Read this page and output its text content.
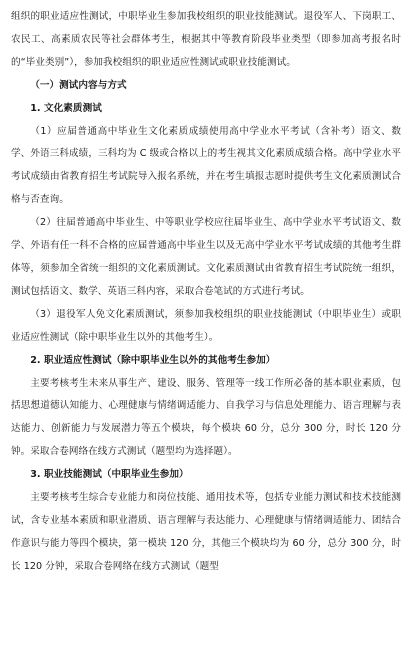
组织的职业适应性测试，中职毕业生参加我校组织的职业技能测试。退役军人、下岗职工、农民工、高素质农民等社会群体考生，根据其中等教育阶段毕业类型（即参加高考报名时的“毕业类别”），参加我校组织的职业适应性测试或职业技能测试。

（一）测试内容与方式

1. 文化素质测试

（1）应届普通高中毕业生文化素质成绩使用高中学业水平考试（含补考）语文、数学、外语三科成绩，三科均为 C 级或合格以上的考生视其文化素质成绩合格。高中学业水平考试成绩由省教育招生考试院导入报名系统，并在考生填报志愿时提供考生文化素质测试合格与否查询。

（2）往届普通高中毕业生、中等职业学校应往届毕业生、高中学业水平考试语文、数学、外语有任一科不合格的应届普通高中毕业生以及无高中学业水平考试成绩的其他考生群体等，须参加全省统一组织的文化素质测试。文化素质测试由省教育招生考试院统一组织，测试包括语文、数学、英语三科内容，采取合卷笔试的方式进行考试。

（3）退役军人免文化素质测试，须参加我校组织的职业技能测试（中职毕业生）或职业适应性测试（除中职毕业生以外的其他考生）。

2. 职业适应性测试（除中职毕业生以外的其他考生参加）

主要考核考生未来从事生产、建设、服务、管理等一线工作所必备的基本职业素质，包括思想道德认知能力、心理健康与情绪调适能力、自我学习与信息处理能力、语言理解与表达能力、创新能力与发展潜力等五个模块，每个模块 60 分，总分 300 分，时长 120 分钟。采取合卷网络在线方式测试（题型均为选择题）。

3. 职业技能测试（中职毕业生参加）

主要考核考生综合专业能力和岗位技能、通用技术等，包括专业能力测试和技术技能测试，含专业基本素质和职业潜质、语言理解与表达能力、心理健康与情绪调适能力、团结合作意识与能力等四个模块，第一模块 120 分，其他三个模块均为 60 分，总分 300 分，时长 120 分钟，采取合卷网络在线方式测试（题型
